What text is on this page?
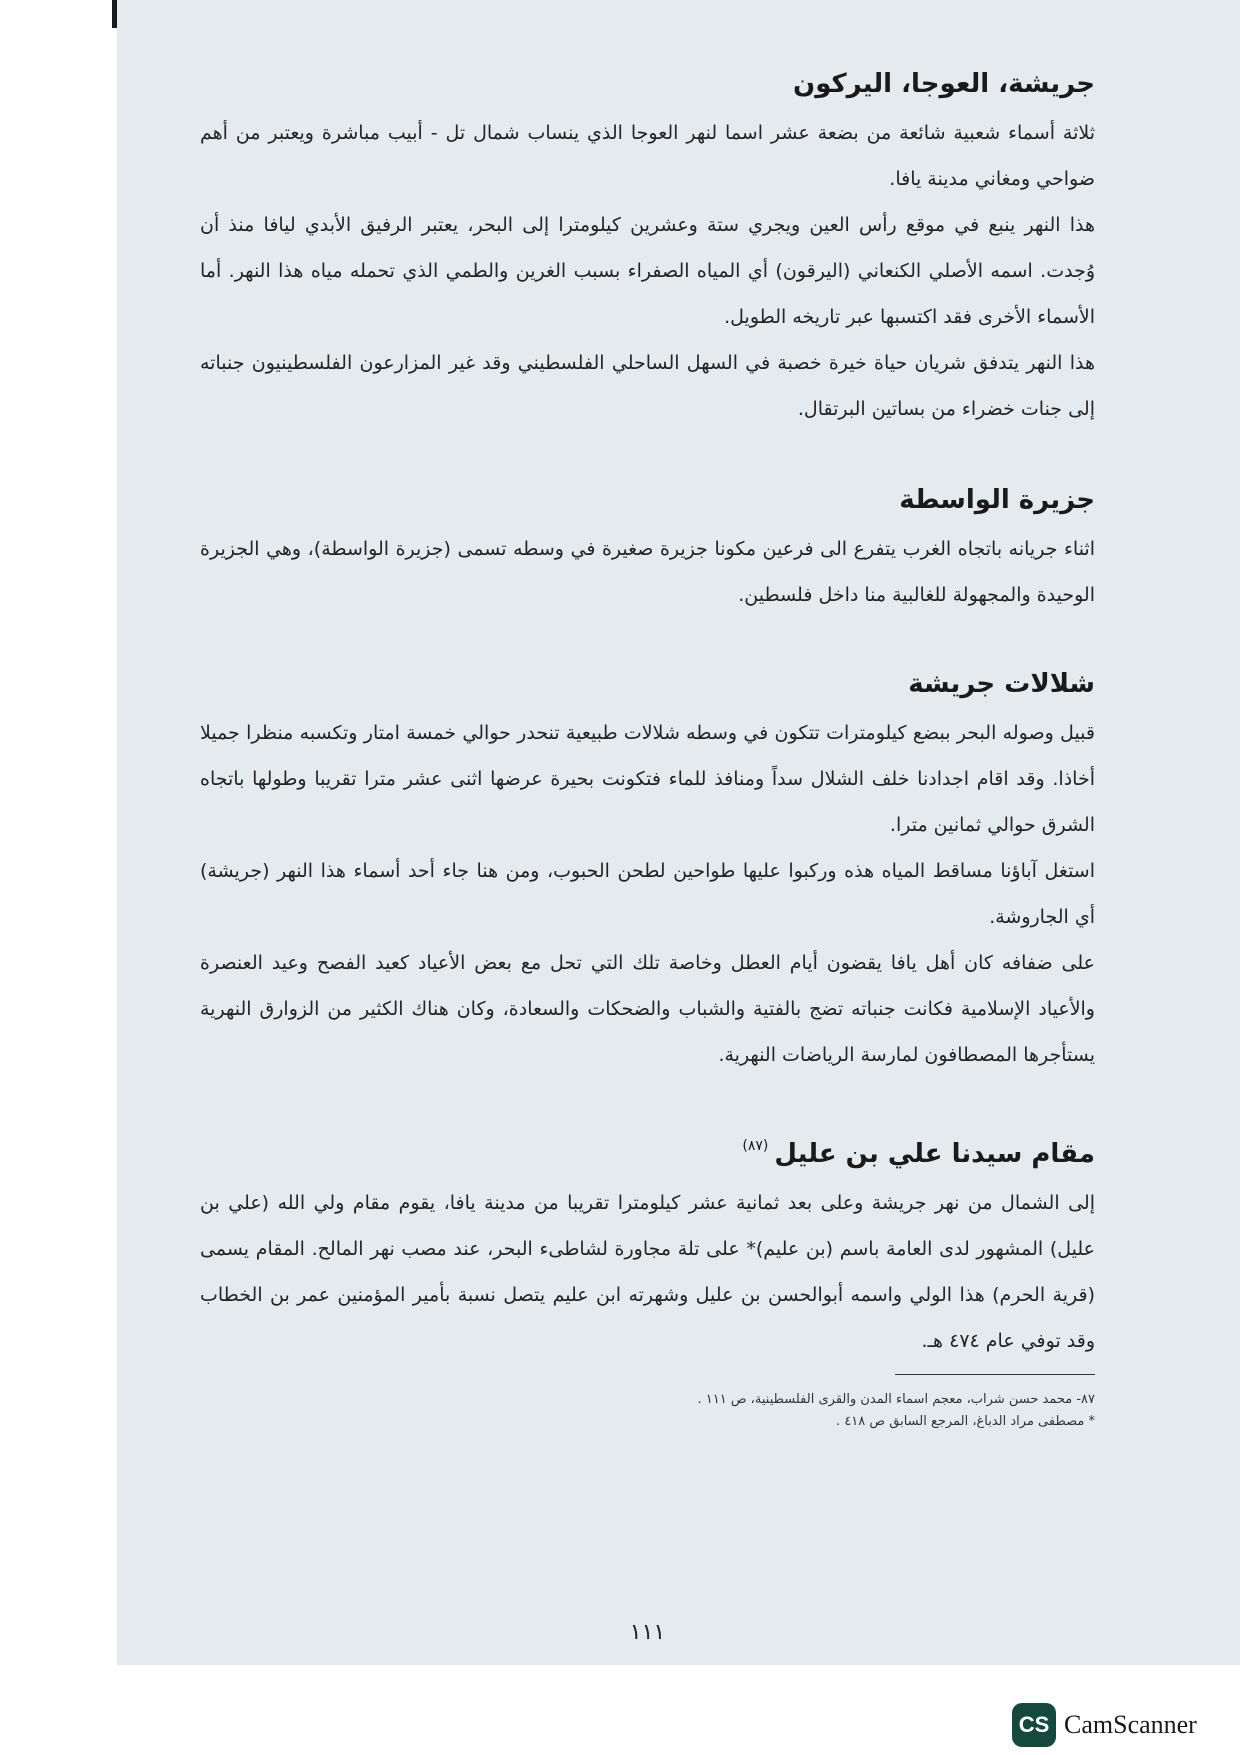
جريشة، العوجا، اليركون

ثلاثة أسماء شعبية شائعة من بضعة عشر اسما لنهر العوجا الذي ينساب شمال تل - أبيب مباشرة ويعتبر من أهم ضواحي ومغاني مدينة يافا.

هذا النهر ينبع في موقع رأس العين ويجري ستة وعشرين كيلومترا إلى البحر، يعتبر الرفيق الأبدي ليافا منذ أن وُجدت. اسمه الأصلي الكنعاني (اليرقون) أي المياه الصفراء بسبب الغرين والطمي الذي تحمله مياه هذا النهر. أما الأسماء الأخرى فقد اكتسبها عبر تاريخه الطويل.

هذا النهر يتدفق شريان حياة خيرة خصبة في السهل الساحلي الفلسطيني وقد غير المزارعون الفلسطينيون جنباته إلى جنات خضراء من بساتين البرتقال.

جزيرة الواسطة

اثناء جريانه باتجاه الغرب يتفرع الى فرعين مكونا جزيرة صغيرة في وسطه تسمى (جزيرة الواسطة)، وهي الجزيرة الوحيدة والمجهولة للغالبية منا داخل فلسطين.

شلالات جريشة

قبيل وصوله البحر ببضع كيلومترات تتكون في وسطه شلالات طبيعية تنحدر حوالي خمسة امتار وتكسبه منظرا جميلا أخاذا. وقد اقام اجدادنا خلف الشلال سداً ومنافذ للماء فتكونت بحيرة عرضها اثنى عشر مترا تقريبا وطولها باتجاه الشرق حوالي ثمانين مترا.

استغل آباؤنا مساقط المياه هذه وركبوا عليها طواحين لطحن الحبوب، ومن هنا جاء أحد أسماء هذا النهر (جريشة) أي الجاروشة.

على ضفافه كان أهل يافا يقضون أيام العطل وخاصة تلك التي تحل مع بعض الأعياد كعيد الفصح وعيد العنصرة والأعياد الإسلامية فكانت جنباته تضج بالفتية والشباب والضحكات والسعادة، وكان هناك الكثير من الزوارق النهرية يستأجرها المصطافون لمارسة الرياضات النهرية.

مقام سيدنا علي بن عليل$^{(٨٧)}$

إلى الشمال من نهر جريشة وعلى بعد ثمانية عشر كيلومترا تقريبا من مدينة يافا، يقوم مقام ولي الله (علي بن عليل) المشهور لدى العامة باسم (بن عليم)* على تلة مجاورة لشاطىء البحر، عند مصب نهر المالح. المقام يسمى (قرية الحرم) هذا الولي واسمه أبوالحسن بن عليل وشهرته ابن عليم يتصل نسبة بأمير المؤمنين عمر بن الخطاب وقد توفي عام ٤٧٤ هـ.

٨٧- محمد حسن شراب، معجم اسماء المدن والقرى الفلسطينية، ص ١١١ .

* مصطفى مراد الدباغ، المرجع السابق ص ٤١٨ .

١١١
CS CamScanner
